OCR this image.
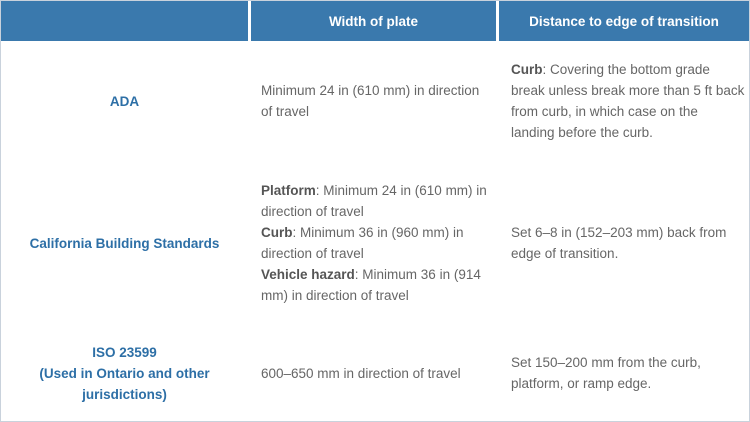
Width of plate	Distance to edge of transition
ADA
Minimum 24 in (610 mm) in direction of travel
Curb: Covering the bottom grade break unless break more than 5 ft back from curb, in which case on the landing before the curb.
California Building Standards
Platform: Minimum 24 in (610 mm) in direction of travel
Curb: Minimum 36 in (960 mm) in direction of travel
Vehicle hazard: Minimum 36 in (914 mm) in direction of travel
Set 6–8 in (152–203 mm) back from edge of transition.
ISO 23599
(Used in Ontario and other
jurisdictions)
600–650 mm in direction of travel
Set 150–200 mm from the curb, platform, or ramp edge.
